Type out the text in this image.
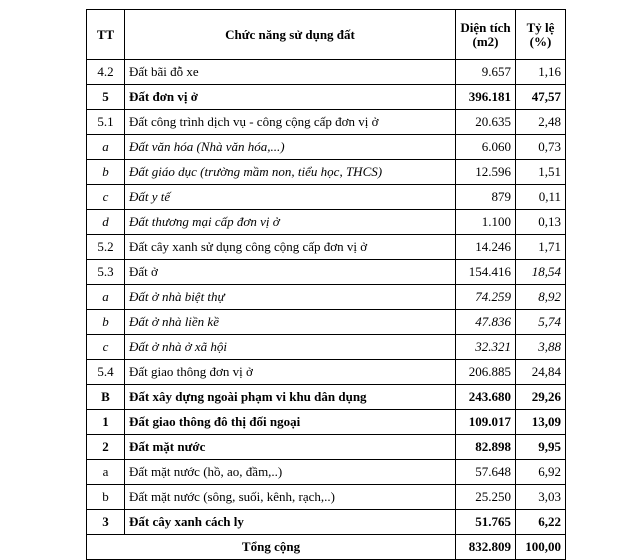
TT	Chức năng sử dụng đất	Diện tích (m2)	Tỷ lệ (%)
4.2	Đất bãi đỗ xe	9.657	1,16
5	Đất đơn vị ở	396.181	47,57
5.1	Đất công trình dịch vụ - công cộng cấp đơn vị ở	20.635	2,48
a	Đất văn hóa (Nhà văn hóa,...)	6.060	0,73
b	Đất giáo dục (trường mầm non, tiểu học, THCS)	12.596	1,51
c	Đất y tế	879	0,11
d	Đất thương mại cấp đơn vị ở	1.100	0,13
5.2	Đất cây xanh sử dụng công cộng cấp đơn vị ở	14.246	1,71
5.3	Đất ở	154.416	18,54
a	Đất ở nhà biệt thự	74.259	8,92
b	Đất ở nhà liền kề	47.836	5,74
c	Đất ở nhà ở xã hội	32.321	3,88
5.4	Đất giao thông đơn vị ở	206.885	24,84
B	Đất xây dựng ngoài phạm vi khu dân dụng	243.680	29,26
1	Đất giao thông đô thị đối ngoại	109.017	13,09
2	Đất mặt nước	82.898	9,95
a	Đất mặt nước (hồ, ao, đầm,..)	57.648	6,92
b	Đất mặt nước (sông, suối, kênh, rạch,..)	25.250	3,03
3	Đất cây xanh cách ly	51.765	6,22
Tổng cộng		832.809	100,00
